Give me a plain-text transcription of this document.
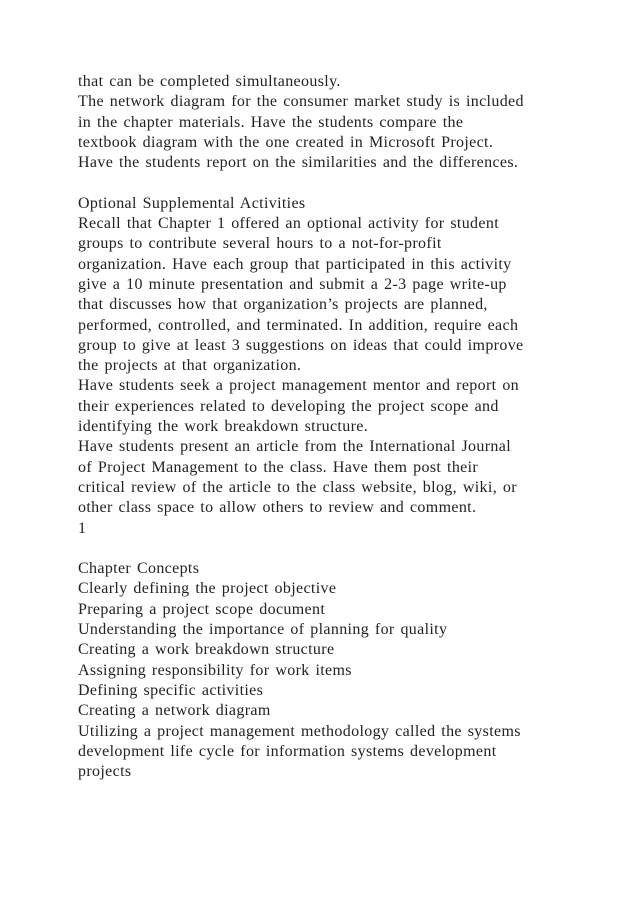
that can be completed simultaneously.
The network diagram for the consumer market study is included
in the chapter materials. Have the students compare the
textbook diagram with the one created in Microsoft Project.
Have the students report on the similarities and the differences.
Optional Supplemental Activities
Recall that Chapter 1 offered an optional activity for student
groups to contribute several hours to a not-for-profit
organization. Have each group that participated in this activity
give a 10 minute presentation and submit a 2-3 page write-up
that discusses how that organization’s projects are planned,
performed, controlled, and terminated. In addition, require each
group to give at least 3 suggestions on ideas that could improve
the projects at that organization.
Have students seek a project management mentor and report on
their experiences related to developing the project scope and
identifying the work breakdown structure.
Have students present an article from the International Journal
of Project Management to the class. Have them post their
critical review of the article to the class website, blog, wiki, or
other class space to allow others to review and comment.
1
Chapter Concepts
Clearly defining the project objective
Preparing a project scope document
Understanding the importance of planning for quality
Creating a work breakdown structure
Assigning responsibility for work items
Defining specific activities
Creating a network diagram
Utilizing a project management methodology called the systems
development life cycle for information systems development
projects
